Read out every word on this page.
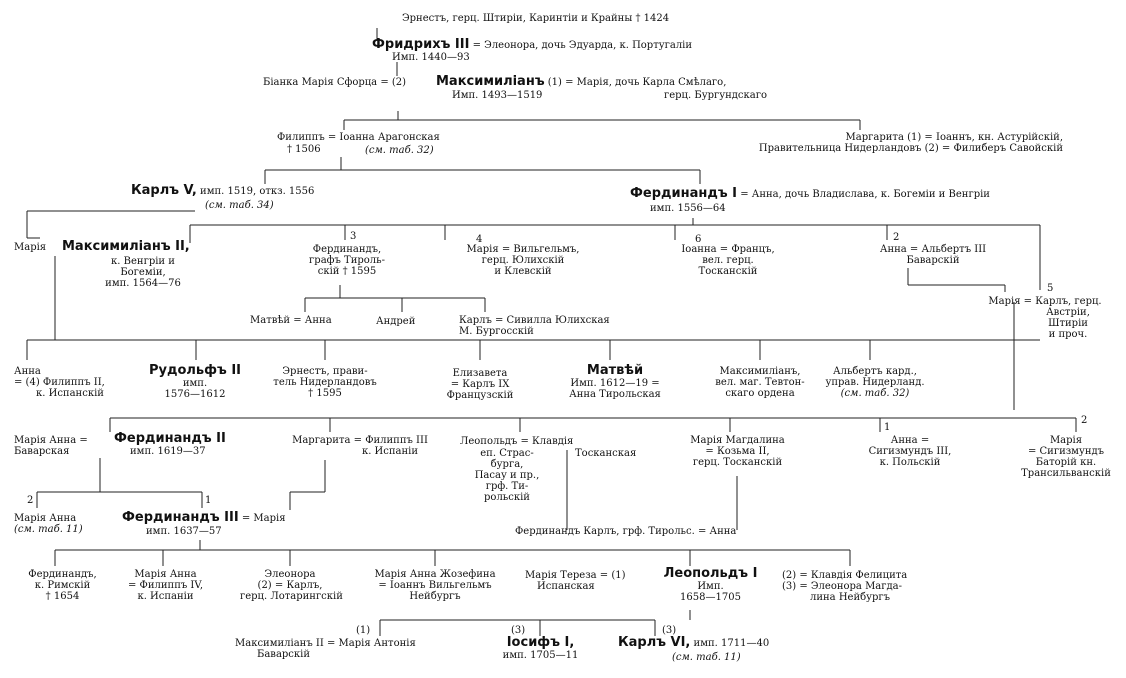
Эрнестъ, герц. Штиріи, Каринтіи и Крайны † 1424
Фридрихъ III = Элеонора, дочь Эдуарда, к. Португаліи
Имп. 1440—93
Біанка Марія Сфорца = (2) Максимиліанъ (1) = Марія, дочь Карла Смѣлаго,
герц. Бургундскаго
Имп. 1493—1519
Филиппъ = Іоанна Арагонская
† 1506	(см. таб. 32)
Маргарита (1) = Іоаннъ, кн. Астурійскій,
Правительница Нидерландовъ (2) = Филиберъ Савойскій
Карлъ V, имп. 1519, откз. 1556
(см. таб. 34)
Фердинандъ I = Анна, дочь Владислава, к. Богеміи и Венгріи
имп. 1556—64
Марія Максимиліанъ II,
к. Венгріи и
Богеміи,
имп. 1564—76
3
Фердинандъ,
графъ Тироль-
скій † 1595
4
Марія = Вильгельмъ,
герц. Юлихскій
и Клевскій
6
Іоанна = Францъ,
вел. герц.
Тосканскій
2
Анна = Альбертъ III
Баварскій
5
Марія = Карлъ, герц.
Австріи,
Штиріи
и проч.
Матвѣй = Анна	Андрей	Карлъ = Сивилла Юлихская
М. Бургосскій
Анна
= (4) Филиппъ II,
к. Испанскій
Рудольфъ II
имп.
1576—1612
Эрнестъ, прави-
тель Нидерландовъ
† 1595
Елизавета
= Карлъ IX
Французскій
Матвѣй
Имп. 1612—19 =
Анна Тирольская
Максимиліанъ,
вел. маг. Тевтон-
скаго ордена
Альбертъ кард.,
управ. Нидерланд.
(см. таб. 32)
Марія Анна =
Баварская
Фердинандъ II
имп. 1619—37
Маргарита = Филиппъ III
к. Испаніи
Леопольдъ = Клавдія
еп. Страс-
бурга,
Пасау и пр.,
грф. Ти-
рольскій
Тосканская
Марія Магдалина
= Козьма II,
герц. Тосканскій
1
Анна =
Сигизмундъ III,
к. Польскій
2
Марія
= Сигизмундъ
Баторій кн.
Трансильванскій
2	1
Марія Анна
(см. таб. 11)
Фердинандъ III = Марія
имп. 1637—57	Фердинандъ Карлъ, грф. Тирольс. = Анна
Фердинандъ,
к. Римскій
† 1654
Марія Анна
= Филиппъ IV,
к. Испаніи
Элеонора
(2) = Карлъ,
герц. Лотарингскій
Марія Анна Жозефина
= Іоаннъ Вильгельмъ
Нейбургъ
Марія Тереза = (1)
Испанская
Леопольдъ I
Имп.
1658—1705
(2) = Клавдія Фелицита
(3) = Элеонора Магда-
лина Нейбургъ
(1)
Максимиліанъ II = Марія Антонія
Баварскій
(3)
Іосифъ I,
имп. 1705—11
(3)
Карлъ VI, имп. 1711—40
(см. таб. 11)
